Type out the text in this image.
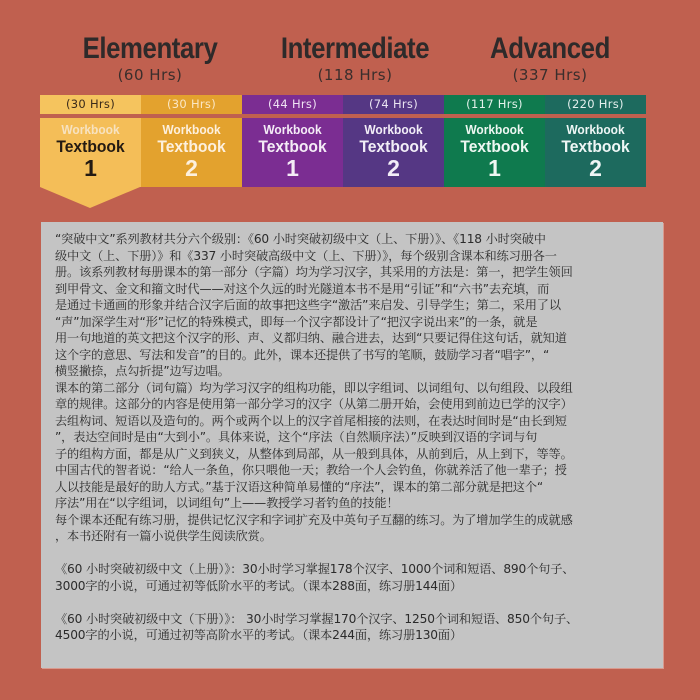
Elementary
(60 Hrs)
Intermediate
(118 Hrs)
Advanced
(337 Hrs)
(30 Hrs)
Workbook
Textbook
1
(30 Hrs)
Workbook
Textbook
2
(44 Hrs)
Workbook
Textbook
1
(74 Hrs)
Workbook
Textbook
2
(117 Hrs)
Workbook
Textbook
1
(220 Hrs)
Workbook
Textbook
2

“突破中文”系列教材共分六个级别：《60 小时突破初级中文（上、下册）》、《118 小时突破中

级中文（上、下册）》和《337 小时突破高级中文（上、下册）》，每个级别含课本和练习册各一

册。该系列教材每册课本的第一部分（字篇）均为学习汉字，其采用的方法是：第一，把学生领回

到甲骨文、金文和籀文时代——对这个久远的时光隧道本书不是用“引证”和“六书”去充填，而

是通过卡通画的形象并结合汉字后面的故事把这些字“激活”来启发、引导学生；第二，采用了以

“声”加深学生对“形”记忆的特殊模式，即每一个汉字都设计了“把汉字说出来”的一条，就是

用一句地道的英文把这个汉字的形、声、义都归纳、融合进去，达到“只要记得住这句话，就知道

这个字的意思、写法和发音”的目的。此外，课本还提供了书写的笔顺，鼓励学习者“唱字”，“

横竖撇捺，点勾折提”边写边唱。

课本的第二部分（词句篇）均为学习汉字的组构功能，即以字组词、以词组句、以句组段、以段组

章的规律。这部分的内容是使用第一部分学习的汉字（从第二册开始，会使用到前边已学的汉字）

去组构词、短语以及造句的。两个或两个以上的汉字首尾相接的法则，在表达时间时是“由长到短

”，表达空间时是由“大到小”。具体来说，这个“序法（自然顺序法）”反映到汉语的字词与句

子的组构方面，都是从广义到狭义，从整体到局部，从一般到具体，从前到后，从上到下，等等。

中国古代的智者说：“给人一条鱼，你只喂他一天；教给一个人会钓鱼，你就养活了他一辈子；授

人以技能是最好的助人方式。”基于汉语这种简单易懂的“序法”，课本的第二部分就是把这个“

序法”用在“以字组词，以词组句”上——教授学习者钓鱼的技能！

每个课本还配有练习册，提供记忆汉字和字词扩充及中英句子互翻的练习。为了增加学生的成就感

，本书还附有一篇小说供学生阅读欣赏。

《60 小时突破初级中文（上册）》：30小时学习掌握178个汉字、1000个词和短语、890个句子、

3000字的小说，可通过初等低阶水平的考试。（课本288面，练习册144面）

《60 小时突破初级中文（下册）》： 30小时学习掌握170个汉字、1250个词和短语、850个句子、

4500字的小说，可通过初等高阶水平的考试。（课本244面，练习册130面）
